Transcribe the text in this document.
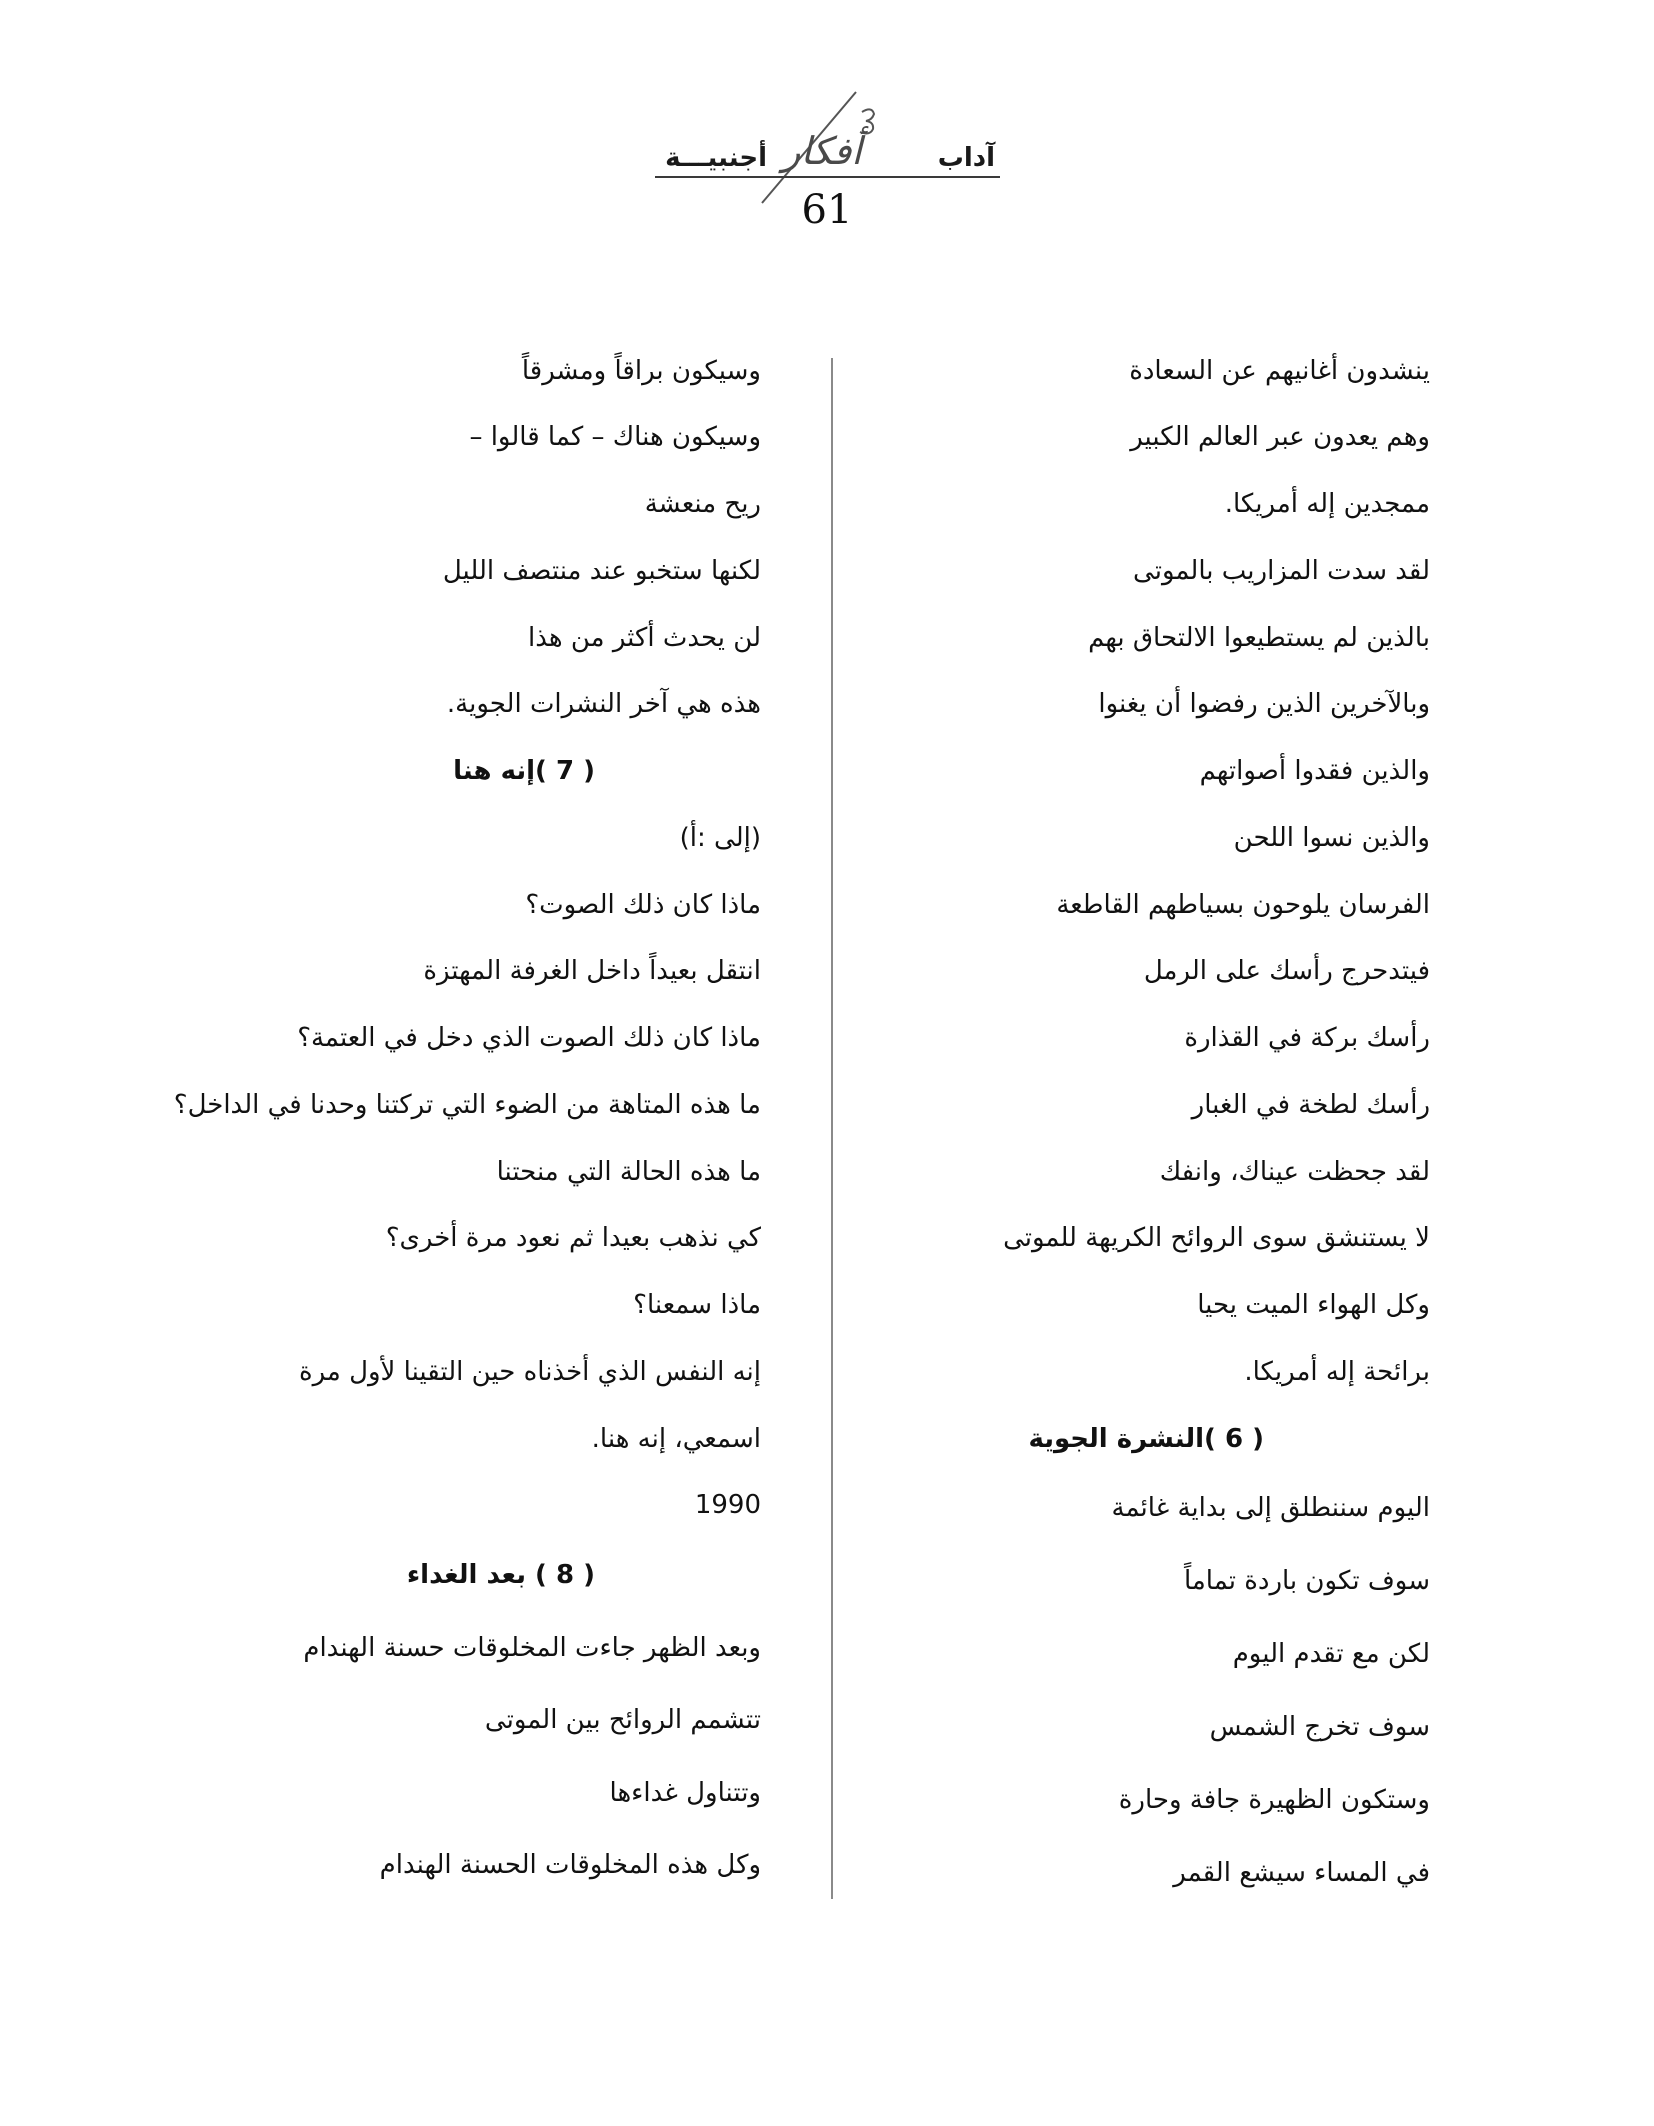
آداب
أجنبيـــة أفكار
61
ينشدون أغانيهم عن السعادة
وهم يعدون عبر العالم الكبير
ممجدين إله أمريكا.
لقد سدت المزاريب بالموتى
بالذين لم يستطيعوا الالتحاق بهم
وبالآخرين الذين رفضوا أن يغنوا
والذين فقدوا أصواتهم
والذين نسوا اللحن
الفرسان يلوحون بسياطهم القاطعة
فيتدحرج رأسك على الرمل
رأسك بركة في القذارة
رأسك لطخة في الغبار
لقد جحظت عيناك، وانفك
لا يستنشق سوى الروائح الكريهة للموتى
وكل الهواء الميت يحيا
برائحة إله أمريكا.
( 6 )النشرة الجوية
اليوم سننطلق إلى بداية غائمة
سوف تكون باردة تماماً
لكن مع تقدم اليوم
سوف تخرج الشمس
وستكون الظهيرة جافة وحارة
في المساء سيشع القمر
وسيكون براقاً ومشرقاً
وسيكون هناك – كما قالوا –
ريح منعشة
لكنها ستخبو عند منتصف الليل
لن يحدث أكثر من هذا
هذه هي آخر النشرات الجوية.
( 7 )إنه هنا
(إلى :أ)
ماذا كان ذلك الصوت؟
انتقل بعيداً داخل الغرفة المهتزة
ماذا كان ذلك الصوت الذي دخل في العتمة؟
ما هذه المتاهة من الضوء التي تركتنا وحدنا في الداخل؟
ما هذه الحالة التي منحتنا
كي نذهب بعيدا ثم نعود مرة أخرى؟
ماذا سمعنا؟
إنه النفس الذي أخذناه حين التقينا لأول مرة
اسمعي، إنه هنا.
1990
( 8 ) بعد الغداء
وبعد الظهر جاءت المخلوقات حسنة الهندام
تتشمم الروائح بين الموتى
وتتناول غداءها
وكل هذه المخلوقات الحسنة الهندام
